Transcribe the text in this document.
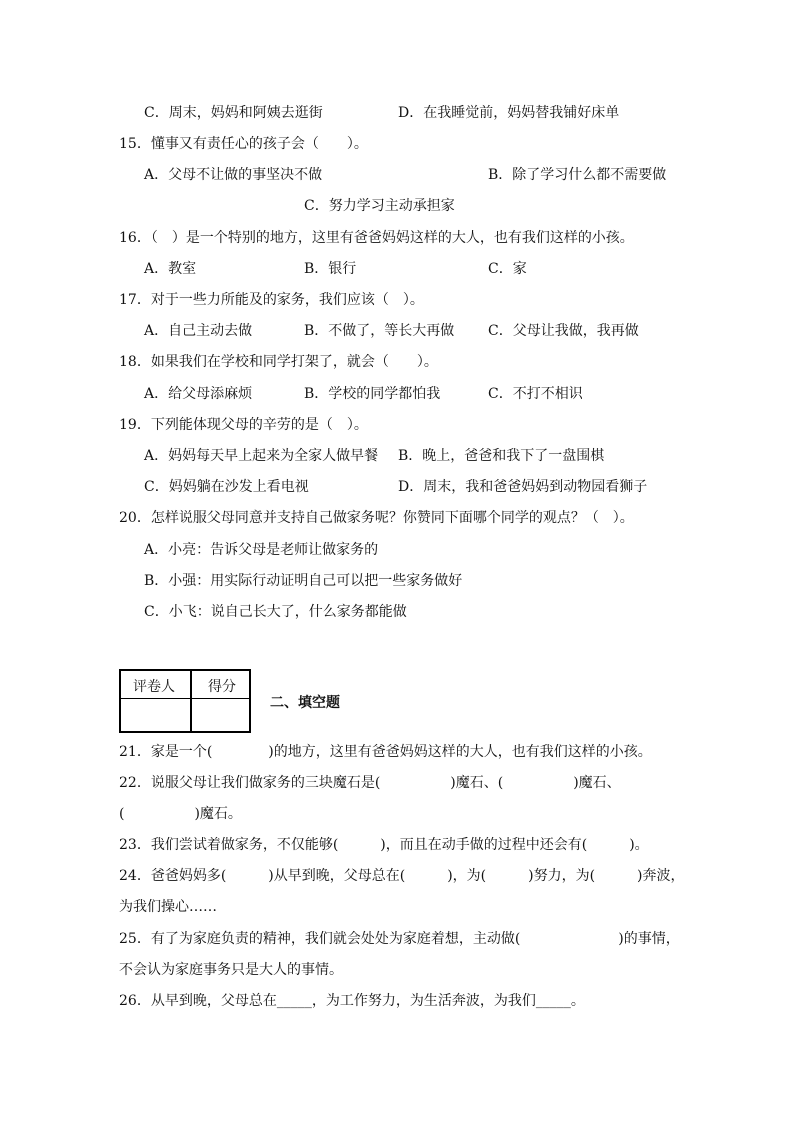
C．周末，妈妈和阿姨去逛街	D．在我睡觉前，妈妈替我铺好床单
15．懂事又有责任心的孩子会（　　）。
A．父母不让做的事坚决不做	B．除了学习什么都不需要做
C．努力学习主动承担家
16．（　）是一个特别的地方，这里有爸爸妈妈这样的大人，也有我们这样的小孩。
A．教室	B．银行	C．家
17．对于一些力所能及的家务，我们应该（　）。
A．自己主动去做	B．不做了，等长大再做 C．父母让我做，我再做
18．如果我们在学校和同学打架了，就会（　　）。
A．给父母添麻烦	B．学校的同学都怕我	C．不打不相识
19．下列能体现父母的辛劳的是（　）。
A．妈妈每天早上起来为全家人做早餐 B．晚上，爸爸和我下了一盘围棋
C．妈妈躺在沙发上看电视	D．周末，我和爸爸妈妈到动物园看狮子
20．怎样说服父母同意并支持自己做家务呢？你赞同下面哪个同学的观点？（　）。
A．小亮：告诉父母是老师让做家务的
B．小强：用实际行动证明自己可以把一些家务做好
C．小飞：说自己长大了，什么家务都能做
评卷人 得分
二、填空题
21．家是一个(　　　　)的地方，这里有爸爸妈妈这样的大人，也有我们这样的小孩。
22．说服父母让我们做家务的三块魔石是(　　　　　)魔石、(　　　　　)魔石、
(　　　　　)魔石。
23．我们尝试着做家务，不仅能够(　　　)，而且在动手做的过程中还会有(　　　)。
24．爸爸妈妈多(　　　)从早到晚，父母总在(　　　)，为(　　　)努力，为(　　　)奔波，
为我们操心……
25．有了为家庭负责的精神，我们就会处处为家庭着想，主动做(　　　　　　　)的事情，
不会认为家庭事务只是大人的事情。
26．从早到晚，父母总在_____，为工作努力，为生活奔波，为我们_____。
